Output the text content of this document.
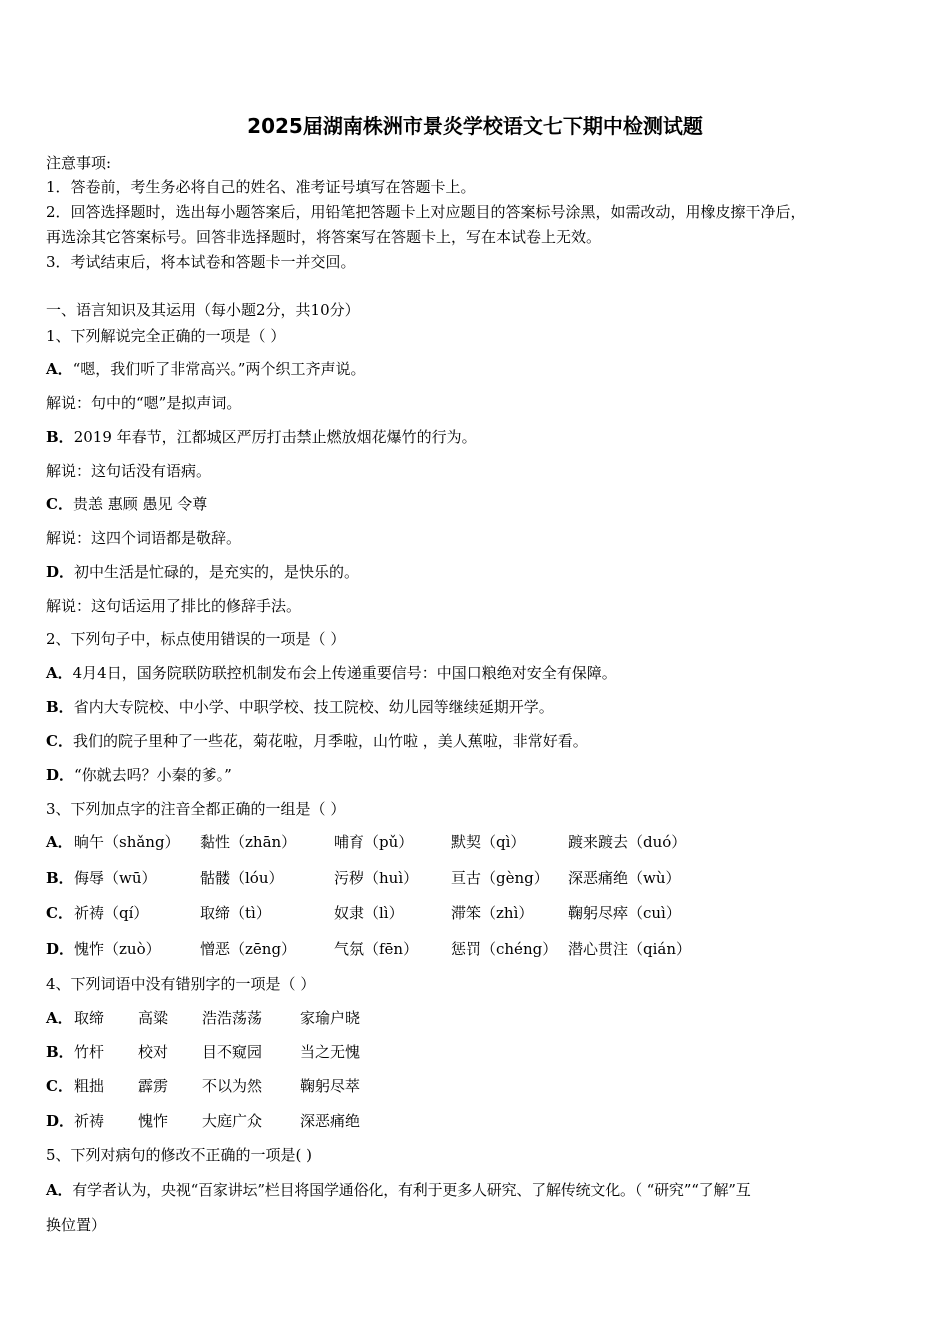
2025届湖南株洲市景炎学校语文七下期中检测试题
注意事项:
1．答卷前，考生务必将自己的姓名、准考证号填写在答题卡上。
2．回答选择题时，选出每小题答案后，用铅笔把答题卡上对应题目的答案标号涂黑，如需改动，用橡皮擦干净后，
再选涂其它答案标号。回答非选择题时，将答案写在答题卡上，写在本试卷上无效。
3．考试结束后，将本试卷和答题卡一并交回。
一、语言知识及其运用（每小题2分，共10分）
1、下列解说完全正确的一项是（ ）
A．“嗯，我们听了非常高兴。”两个织工齐声说。
解说：句中的“嗯”是拟声词。
B．2019 年春节，江都城区严厉打击禁止燃放烟花爆竹的行为。
解说：这句话没有语病。
C．贵恙 惠顾 愚见 令尊
解说：这四个词语都是敬辞。
D．初中生活是忙碌的，是充实的，是快乐的。
解说：这句话运用了排比的修辞手法。
2、下列句子中，标点使用错误的一项是（ ）
A．4月4日，国务院联防联控机制发布会上传递重要信号：中国口粮绝对安全有保障。
B．省内大专院校、中小学、中职学校、技工院校、幼儿园等继续延期开学。
C．我们的院子里种了一些花，菊花啦，月季啦，山竹啦 ，美人蕉啦，非常好看。
D．“你就去吗？小秦的爹。”
3、下列加点字的注音全都正确的一组是（ ）
A． 晌午（shǎng） 黏性（zhān）	哺育（pǔ）	默契（qì）	踱来踱去（duó）
B． 侮辱（wū）	骷髅（lóu）	污秽（huì） 亘古（gèng） 深恶痛绝（wù）
C． 祈祷（qí）	取缔（tì）	奴隶（lì）	滞笨（zhì） 鞠躬尽瘁（cuì）
D． 愧怍（zuò）	憎恶（zēng）	气氛（fēn） 惩罚（chéng） 潜心贯注（qián）
4、下列词语中没有错别字的一项是（ ）
A． 取缔 高粱 浩浩荡荡	家瑜户晓
B． 竹杆 校对 目不窥园	当之无愧
C． 粗拙 霹雳 不以为然	鞠躬尽萃
D． 祈祷 愧怍 大庭广众	深恶痛绝
5、下列对病句的修改不正确的一项是( )
A．有学者认为，央视“百家讲坛”栏目将国学通俗化，有利于更多人研究、了解传统文化。（ “研究”“了解”互
换位置）
